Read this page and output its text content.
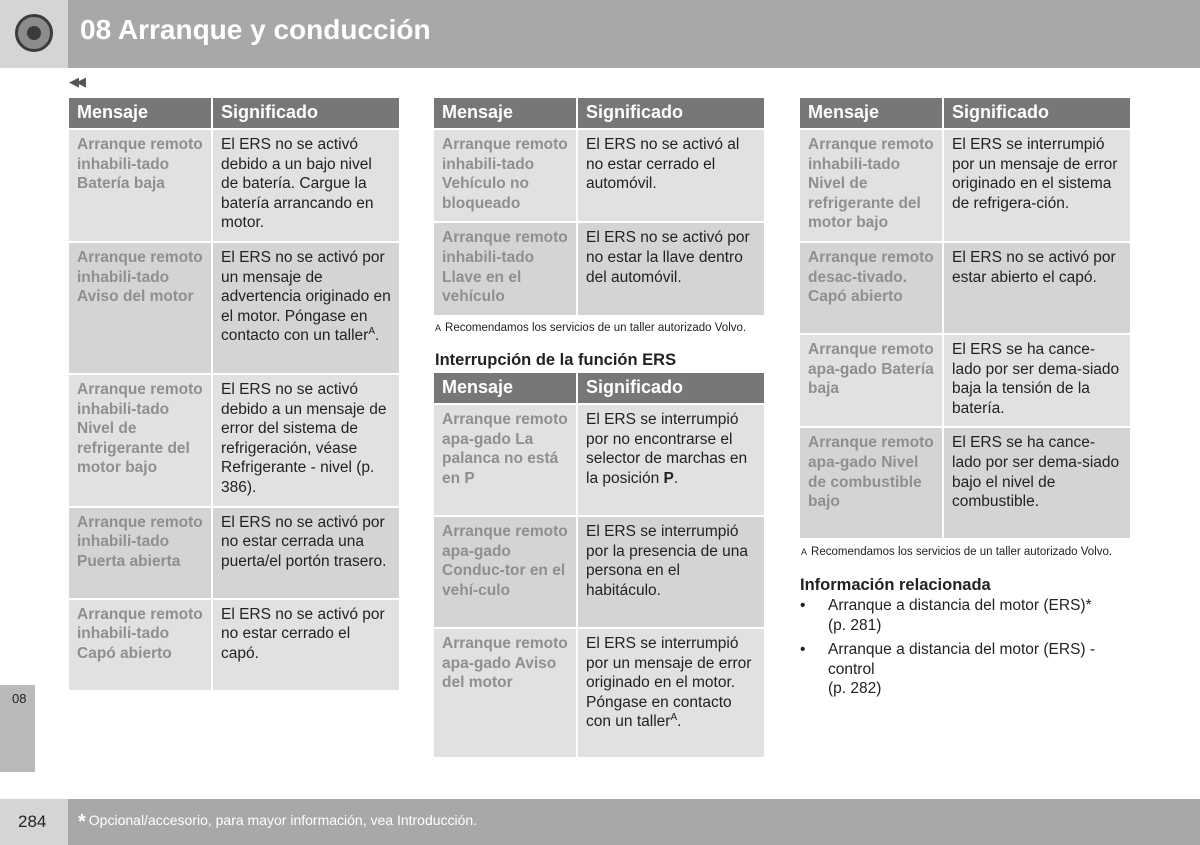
08 Arranque y conducción
◀◀
08
Mensaje	Significado
Arranque remoto inhabili-tado Batería baja	El ERS no se activó debido a un bajo nivel de batería. Cargue la batería arrancando en motor.
Arranque remoto inhabili-tado Aviso del motor	El ERS no se activó por un mensaje de advertencia originado en el motor. Póngase en contacto con un taller$^A$.
Arranque remoto inhabili-tado Nivel de refrigerante del motor bajo	El ERS no se activó debido a un mensaje de error del sistema de refrigeración, véase Refrigerante - nivel (p. 386).
Arranque remoto inhabili-tado Puerta abierta	El ERS no se activó por no estar cerrada una puerta/el portón trasero.
Arranque remoto inhabili-tado Capó abierto	El ERS no se activó por no estar cerrado el capó.
Mensaje	Significado
Arranque remoto inhabili-tado Vehículo no bloqueado	El ERS no se activó al no estar cerrado el automóvil.
Arranque remoto inhabili-tado Llave en el vehículo	El ERS no se activó por no estar la llave dentro del automóvil.
A Recomendamos los servicios de un taller autorizado Volvo.
Interrupción de la función ERS
Mensaje	Significado
Arranque remoto apa-gado La palanca no está en P	El ERS se interrumpió por no encontrarse el selector de marchas en la posición P.
Arranque remoto apa-gado Conduc-tor en el vehí-culo	El ERS se interrumpió por la presencia de una persona en el habitáculo.
Arranque remoto apa-gado Aviso del motor	El ERS se interrumpió por un mensaje de error originado en el motor. Póngase en contacto con un taller$^A$.
Mensaje	Significado
Arranque remoto inhabili-tado Nivel de refrigerante del motor bajo	El ERS se interrumpió por un mensaje de error originado en el sistema de refrigera-ción.
Arranque remoto desac-tivado. Capó abierto	El ERS no se activó por estar abierto el capó.
Arranque remoto apa-gado Batería baja	El ERS se ha cance-lado por ser dema-siado baja la tensión de la batería.
Arranque remoto apa-gado Nivel de combustible bajo	El ERS se ha cance-lado por ser dema-siado bajo el nivel de combustible.
A Recomendamos los servicios de un taller autorizado Volvo.
Información relacionada
• Arranque a distancia del motor (ERS)*
(p. 281)
• Arranque a distancia del motor (ERS) - control
(p. 282)
284 * Opcional/accesorio, para mayor información, vea Introducción.
